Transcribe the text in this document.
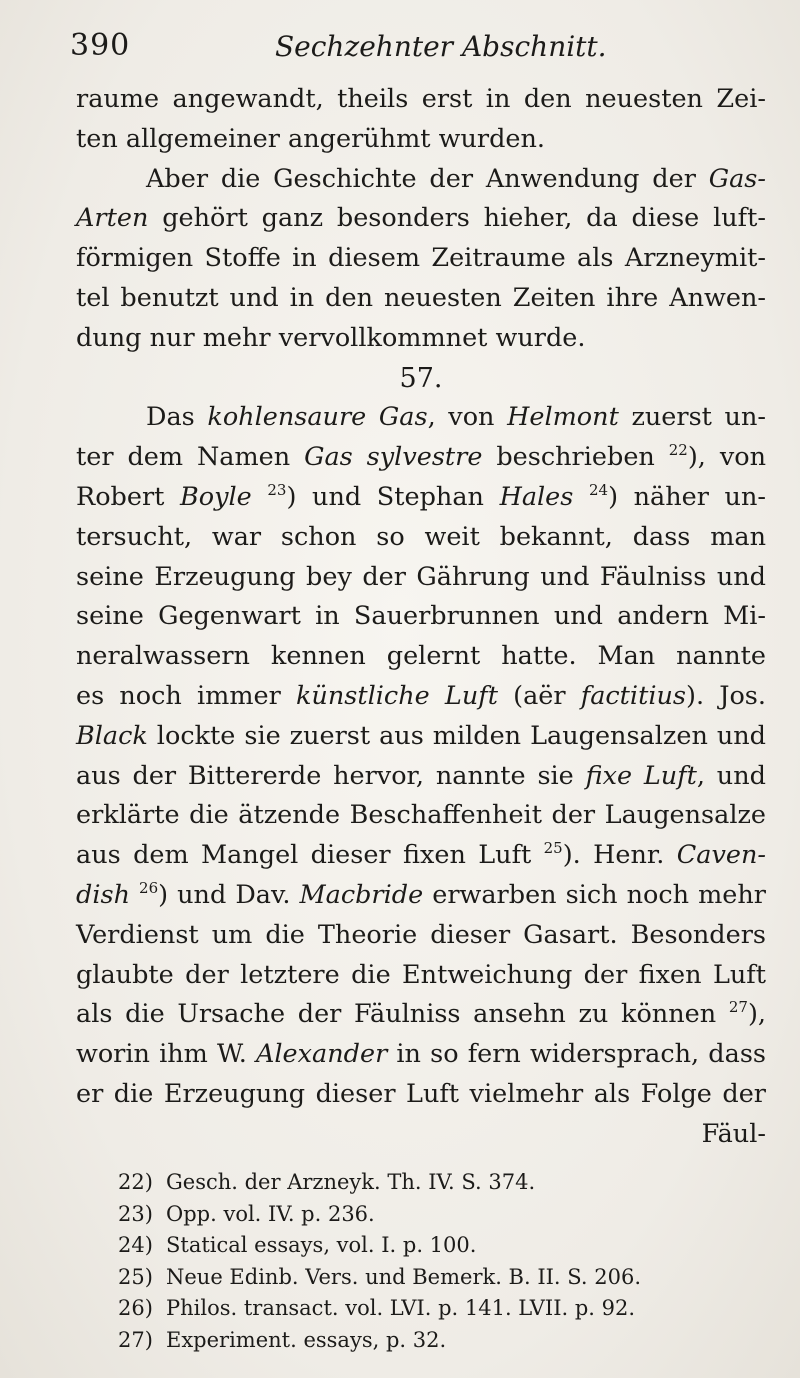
390	Sechzehnter Abschnitt.
raume angewandt, theils erst in den neuesten Zei-
ten allgemeiner angerühmt wurden.
Aber die Geschichte der Anwendung der Gas-
Arten gehört ganz besonders hieher, da diese luft-
förmigen Stoffe in diesem Zeitraume als Arzneymit-
tel benutzt und in den neuesten Zeiten ihre Anwen-
dung nur mehr vervollkommnet wurde.
57.
Das kohlensaure Gas, von Helmont zuerst un-
ter dem Namen Gas sylvestre beschrieben $^{22}$), von
Robert Boyle $^{23}$) und Stephan Hales $^{24}$) näher un-
tersucht, war schon so weit bekannt, dass man
seine Erzeugung bey der Gährung und Fäulniss und
seine Gegenwart in Sauerbrunnen und andern Mi-
neralwassern kennen gelernt hatte. Man nannte
es noch immer künstliche Luft (aër factitius). Jos.
Black lockte sie zuerst aus milden Laugensalzen und
aus der Bittererde hervor, nannte sie fixe Luft, und
erklärte die ätzende Beschaffenheit der Laugensalze
aus dem Mangel dieser fixen Luft $^{25}$). Henr. Caven-
dish $^{26}$) und Dav. Macbride erwarben sich noch mehr
Verdienst um die Theorie dieser Gasart. Besonders
glaubte der letztere die Entweichung der fixen Luft
als die Ursache der Fäulniss ansehn zu können $^{27}$),
worin ihm W. Alexander in so fern widersprach, dass
er die Erzeugung dieser Luft vielmehr als Folge der
Fäul-
22) Gesch. der Arzneyk. Th. IV. S. 374.
23) Opp. vol. IV. p. 236.
24) Statical essays, vol. I. p. 100.
25) Neue Edinb. Vers. und Bemerk. B. II. S. 206.
26) Philos. transact. vol. LVI. p. 141. LVII. p. 92.
27) Experiment. essays, p. 32.
